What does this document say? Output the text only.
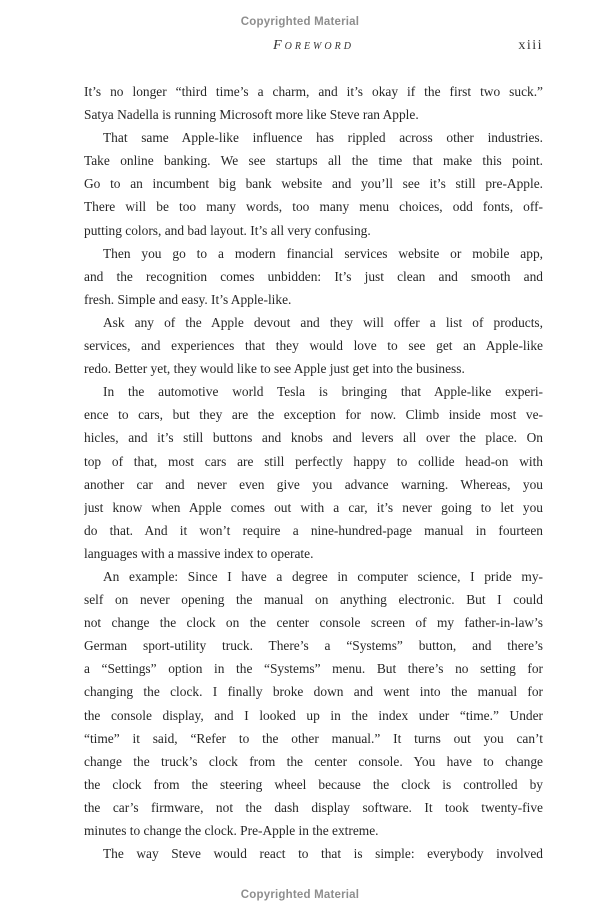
Copyrighted Material
Foreword	xiii

It’s no longer “third time’s a charm, and it’s okay if the first two suck.”
Satya Nadella is running Microsoft more like Steve ran Apple.

That same Apple-like influence has rippled across other industries.
Take online banking. We see startups all the time that make this point.
Go to an incumbent big bank website and you’ll see it’s still pre-Apple.
There will be too many words, too many menu choices, odd fonts, off-
putting colors, and bad layout. It’s all very confusing.

Then you go to a modern financial services website or mobile app,
and the recognition comes unbidden: It’s just clean and smooth and
fresh. Simple and easy. It’s Apple-like.

Ask any of the Apple devout and they will offer a list of products,
services, and experiences that they would love to see get an Apple-like
redo. Better yet, they would like to see Apple just get into the business.

In the automotive world Tesla is bringing that Apple-like experi-
ence to cars, but they are the exception for now. Climb inside most ve-
hicles, and it’s still buttons and knobs and levers all over the place. On
top of that, most cars are still perfectly happy to collide head-on with
another car and never even give you advance warning. Whereas, you
just know when Apple comes out with a car, it’s never going to let you
do that. And it won’t require a nine-hundred-page manual in fourteen
languages with a massive index to operate.

An example: Since I have a degree in computer science, I pride my-
self on never opening the manual on anything electronic. But I could
not change the clock on the center console screen of my father-in-law’s
German sport-utility truck. There’s a “Systems” button, and there’s
a “Settings” option in the “Systems” menu. But there’s no setting for
changing the clock. I finally broke down and went into the manual for
the console display, and I looked up in the index under “time.” Under
“time” it said, “Refer to the other manual.” It turns out you can’t
change the truck’s clock from the center console. You have to change
the clock from the steering wheel because the clock is controlled by
the car’s firmware, not the dash display software. It took twenty-five
minutes to change the clock. Pre-Apple in the extreme.

The way Steve would react to that is simple: everybody involved

Copyrighted Material
